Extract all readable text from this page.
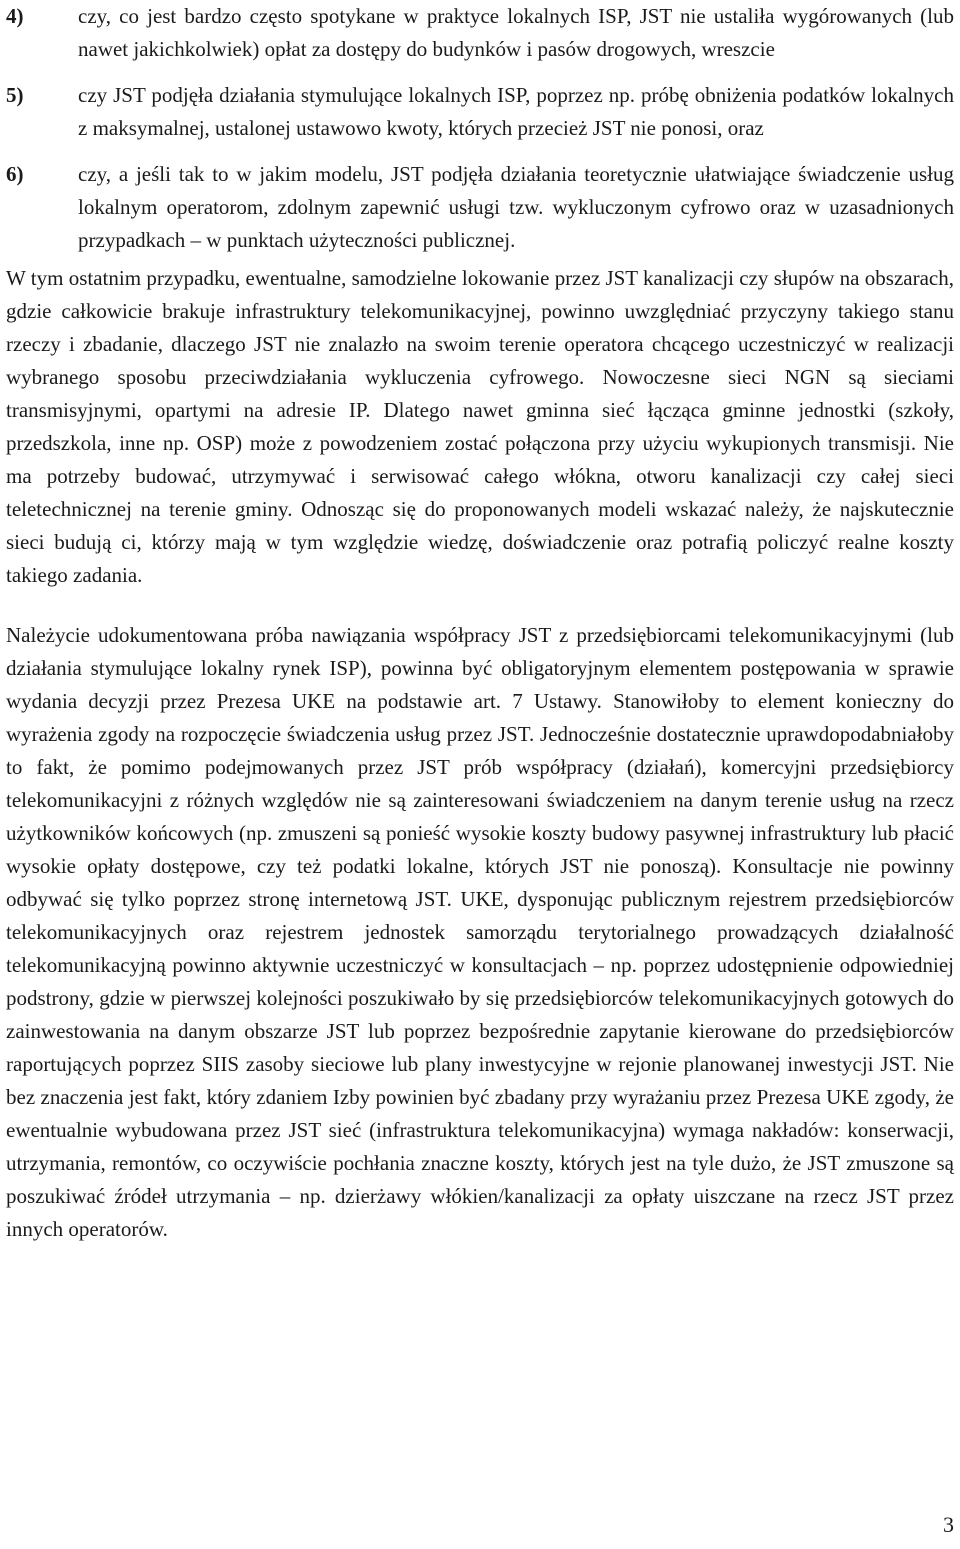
4)	czy, co jest bardzo często spotykane w praktyce lokalnych ISP, JST nie ustaliła wygórowanych (lub nawet jakichkolwiek) opłat za dostępy do budynków i pasów drogowych, wreszcie
5)	czy JST podjęła działania stymulujące lokalnych ISP, poprzez np. próbę obniżenia podatków lokalnych z maksymalnej, ustalonej ustawowo kwoty, których przecież JST nie ponosi, oraz
6)	czy, a jeśli tak to w jakim modelu, JST podjęła działania teoretycznie ułatwiające świadczenie usług lokalnym operatorom, zdolnym zapewnić usługi tzw. wykluczonym cyfrowo oraz w uzasadnionych przypadkach – w punktach użyteczności publicznej.

W tym ostatnim przypadku, ewentualne, samodzielne lokowanie przez JST kanalizacji czy słupów na obszarach, gdzie całkowicie brakuje infrastruktury telekomunikacyjnej, powinno uwzględniać przyczyny takiego stanu rzeczy i zbadanie, dlaczego JST nie znalazło na swoim terenie operatora chcącego uczestniczyć w realizacji wybranego sposobu przeciwdziałania wykluczenia cyfrowego. Nowoczesne sieci NGN są sieciami transmisyjnymi, opartymi na adresie IP. Dlatego nawet gminna sieć łącząca gminne jednostki (szkoły, przedszkola, inne np. OSP) może z powodzeniem zostać połączona przy użyciu wykupionych transmisji. Nie ma potrzeby budować, utrzymywać i serwisować całego włókna, otworu kanalizacji czy całej sieci teletechnicznej na terenie gminy. Odnosząc się do proponowanych modeli wskazać należy, że najskutecznie sieci budują ci, którzy mają w tym względzie wiedzę, doświadczenie oraz potrafią policzyć realne koszty takiego zadania.

Należycie udokumentowana próba nawiązania współpracy JST z przedsiębiorcami telekomunikacyjnymi (lub działania stymulujące lokalny rynek ISP), powinna być obligatoryjnym elementem postępowania w sprawie wydania decyzji przez Prezesa UKE na podstawie art. 7 Ustawy. Stanowiłoby to element konieczny do wyrażenia zgody na rozpoczęcie świadczenia usług przez JST. Jednocześnie dostatecznie uprawdopodabniałoby to fakt, że pomimo podejmowanych przez JST prób współpracy (działań), komercyjni przedsiębiorcy telekomunikacyjni z różnych względów nie są zainteresowani świadczeniem na danym terenie usług na rzecz użytkowników końcowych (np. zmuszeni są ponieść wysokie koszty budowy pasywnej infrastruktury lub płacić wysokie opłaty dostępowe, czy też podatki lokalne, których JST nie ponoszą). Konsultacje nie powinny odbywać się tylko poprzez stronę internetową JST. UKE, dysponując publicznym rejestrem przedsiębiorców telekomunikacyjnych oraz rejestrem jednostek samorządu terytorialnego prowadzących działalność telekomunikacyjną powinno aktywnie uczestniczyć w konsultacjach – np. poprzez udostępnienie odpowiedniej podstrony, gdzie w pierwszej kolejności poszukiwało by się przedsiębiorców telekomunikacyjnych gotowych do zainwestowania na danym obszarze JST lub poprzez bezpośrednie zapytanie kierowane do przedsiębiorców raportujących poprzez SIIS zasoby sieciowe lub plany inwestycyjne w rejonie planowanej inwestycji JST. Nie bez znaczenia jest fakt, który zdaniem Izby powinien być zbadany przy wyrażaniu przez Prezesa UKE zgody, że ewentualnie wybudowana przez JST sieć (infrastruktura telekomunikacyjna) wymaga nakładów: konserwacji, utrzymania, remontów, co oczywiście pochłania znaczne koszty, których jest na tyle dużo, że JST zmuszone są poszukiwać źródeł utrzymania – np. dzierżawy włókien/kanalizacji za opłaty uiszczane na rzecz JST przez innych operatorów.

3
